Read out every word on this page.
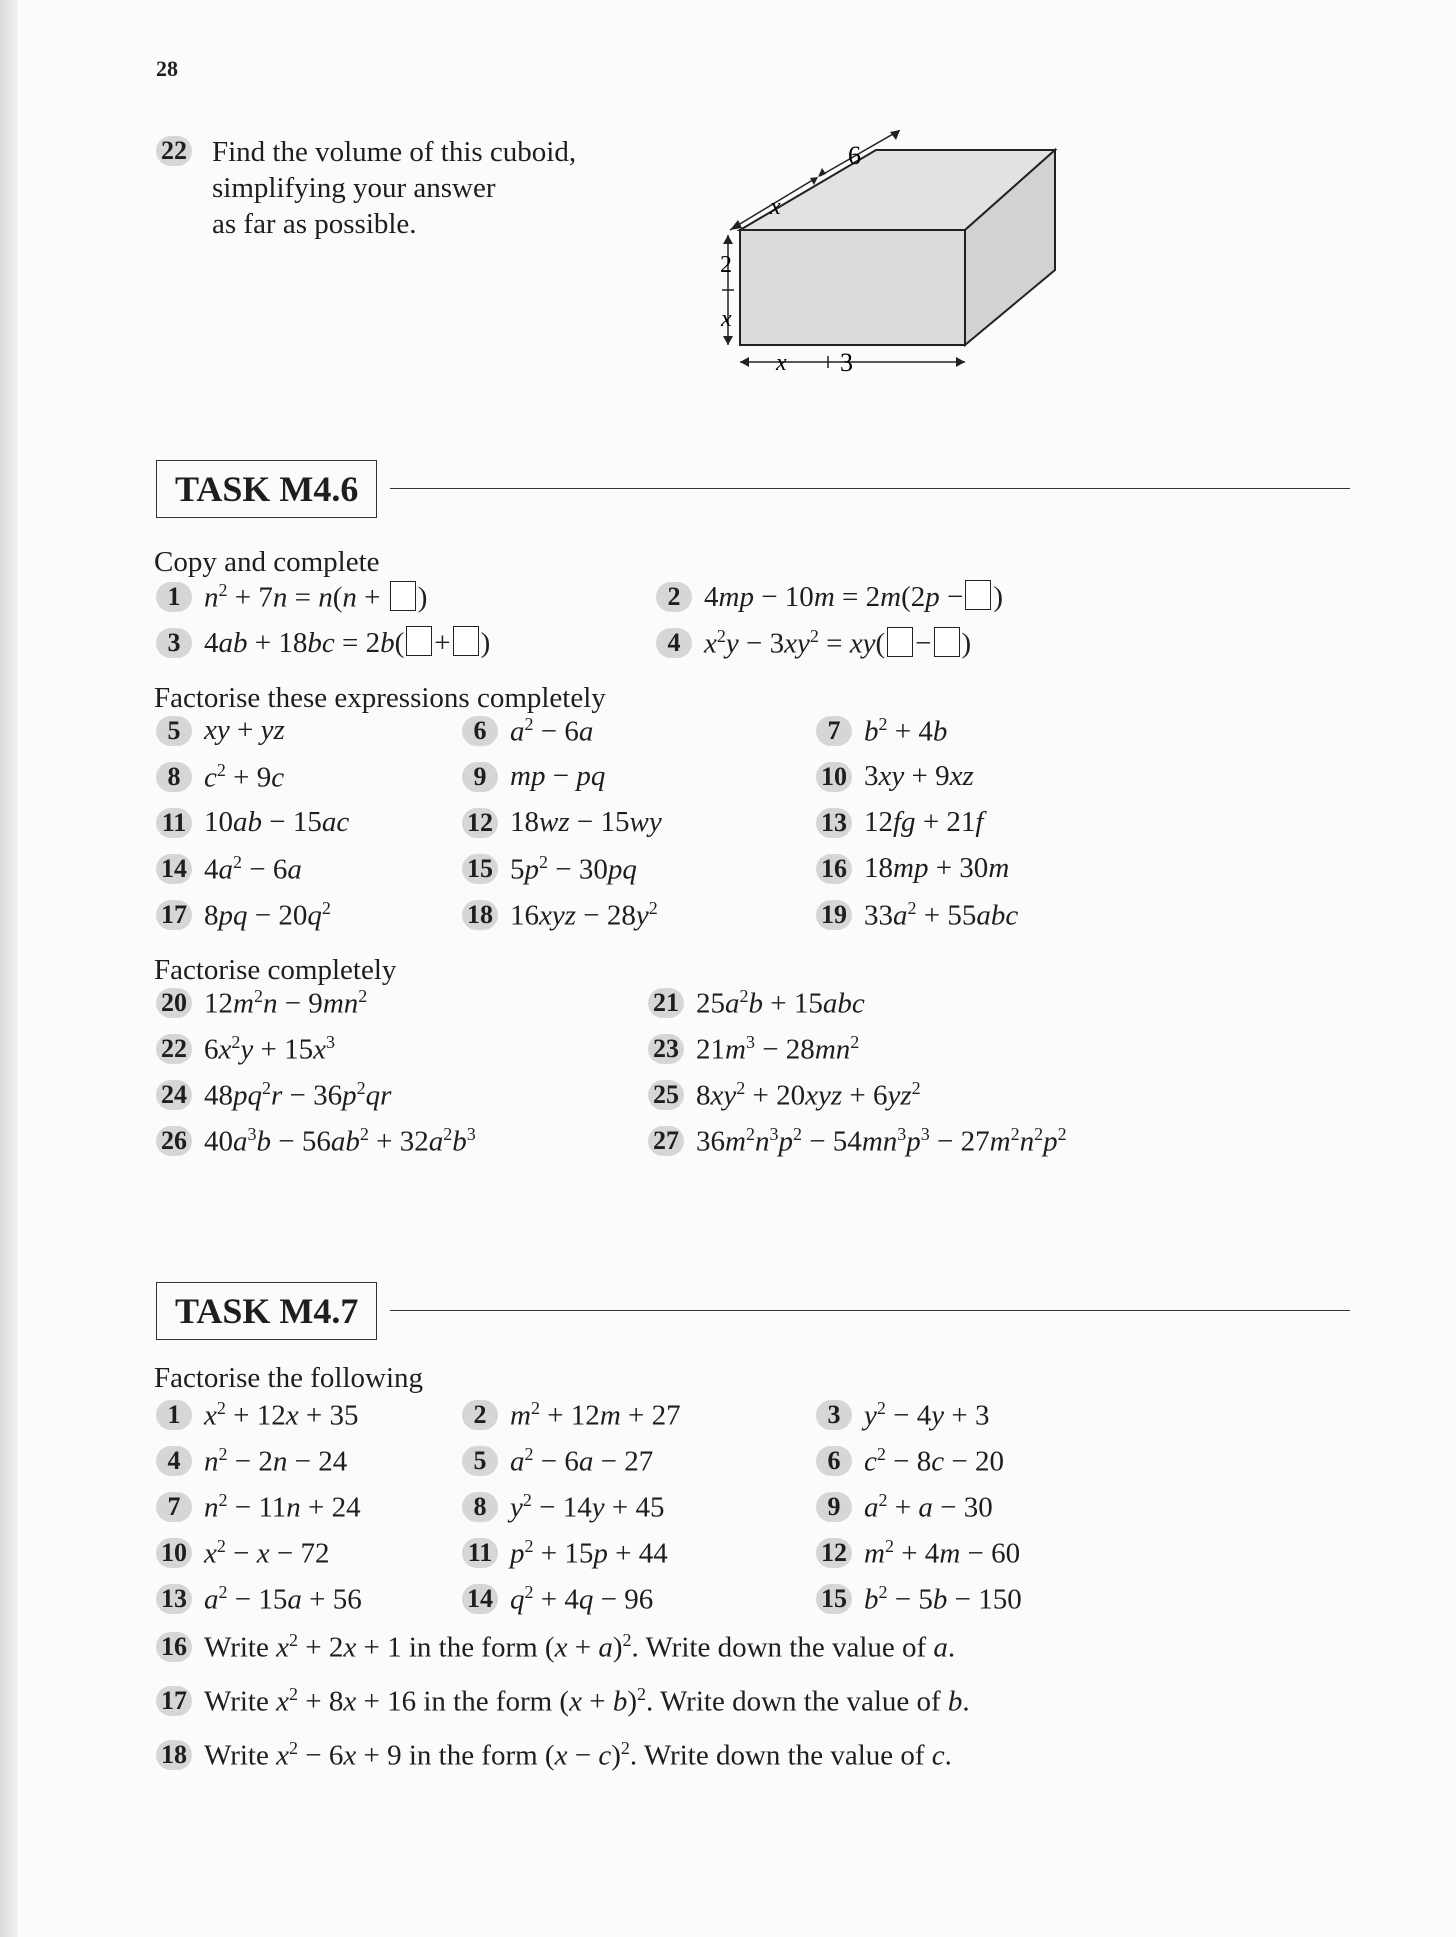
28
22 Find the volume of this cuboid,
simplifying your answer
as far as possible.
x
6
2
x
x 3
TASK M4.6
Copy and complete
1 $n^2 + 7n = n(n$ + )	2 4mp − 10m = 2m(2p − )
3 4ab + 18bc = 2b( + )	4 $x^2y - 3xy^2 = xy$( − )
Factorise these expressions completely
5 xy + yz	6 $a^2 - 6a$	7 $b^2 + 4b$
8 $c^2 + 9c$	9 mp − pq	10 3xy + 9xz
11 10ab − 15ac	12 18wz − 15wy	13 12fg + 21f
14 $4a^2 - 6a$	15 $5p^2 - 30pq$	16 18mp + 30m
17 $8pq - 20q^2$	18 $16xyz - 28y^2$	19 $33a^2 + 55abc$
Factorise completely
20 $12m^2n - 9mn^2$	21 $25a^2b + 15abc$
22 $6x^2y + 15x^3$	23 $21m^3 - 28mn^2$
24 $48pq^2r - 36p^2qr$	25 $8xy^2 + 20xyz + 6yz^2$
26 $40a^3b - 56ab^2 + 32a^2b^3$	27 $36m^2n^3p^2 - 54mn^3p^3 - 27m^2n^2p^2$
TASK M4.7
Factorise the following
1 $x^2 + 12x + 35$	2 $m^2 + 12m + 27$	3 $y^2 - 4y + 3$
4 $n^2 - 2n - 24$	5 $a^2 - 6a - 27$	6 $c^2 - 8c - 20$
7 $n^2 - 11n + 24$	8 $y^2 - 14y + 45$	9 $a^2 + a - 30$
10 $x^2 - x - 72$	11 $p^2 + 15p + 44$	12 $m^2 + 4m - 60$
13 $a^2 - 15a + 56$	14 $q^2 + 4q - 96$	15 $b^2 - 5b - 150$
16 Write $x^2 + 2x + 1$ in the form $(x + a)^2$. Write down the value of a.
17 Write $x^2 + 8x + 16$ in the form $(x + b)^2$. Write down the value of b.
18 Write $x^2 - 6x + 9$ in the form $(x - c)^2$. Write down the value of c.
